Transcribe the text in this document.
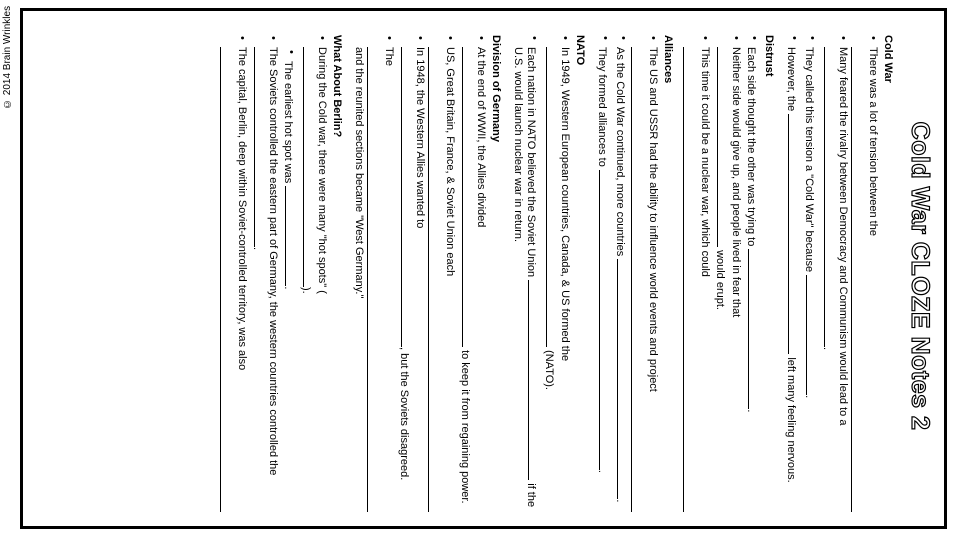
© 2014 Brain Wrinkles
Cold War CLOZE Notes 2
Cold War
• There was a lot of tension between the
• Many feared the rivalry between Democracy and Communism would lead to a .
• They called this tension a "Cold War" because .
• However, the  left many feeling nervous.
Distrust
• Each side thought the other was trying to .
• Neither side would give up, and people lived in fear that  would erupt.
• This time it could be a nuclear war, which could
Alliances
• The US and USSR had the ability to influence world events and project
• As the Cold War continued, more countries .
• They formed alliances to .
NATO
• In 1949, Western European countries, Canada, & US formed the  (NATO).
• Each nation in NATO believed the Soviet Union  if the U.S. would launch nuclear war in return.
Division of Germany
• At the end of WWII, the Allies divided  to keep it from regaining power.
• US, Great Britain, France, & Soviet Union each
• In 1948, the Western Allies wanted to , but the Soviets disagreed.
• The
and the reunited sections became "West Germany."
What About Berlin?
• During the Cold war, there were many "hot spots" ( ).
• The earliest hot spot was .
• The Soviets controlled the eastern part of Germany, the western countries controlled the .
• The capital, Berlin, deep within Soviet-controlled territory, was also
